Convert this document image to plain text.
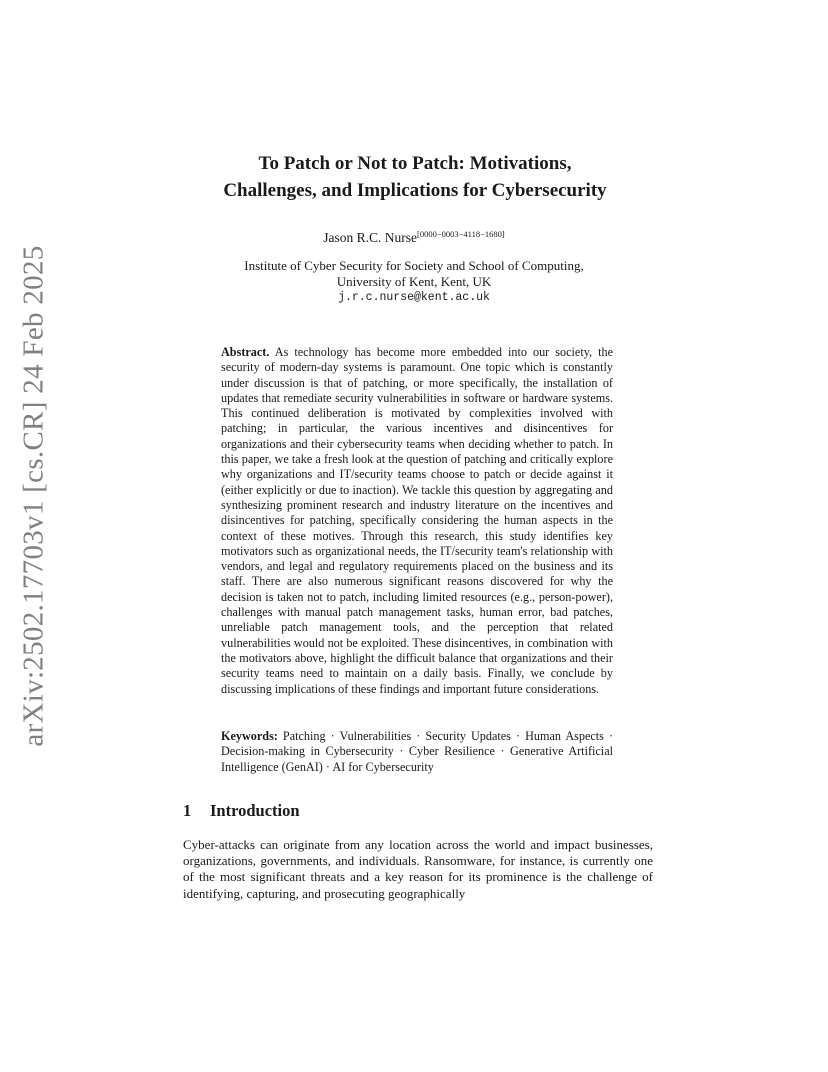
arXiv:2502.17703v1 [cs.CR] 24 Feb 2025
To Patch or Not to Patch: Motivations,
Challenges, and Implications for Cybersecurity
Jason R.C. Nurse[0000−0003−4118−1680]
Institute of Cyber Security for Society and School of Computing,
University of Kent, Kent, UK
j.r.c.nurse@kent.ac.uk
Abstract. As technology has become more embedded into our society, the security of modern-day systems is paramount. One topic which is constantly under discussion is that of patching, or more specifically, the installation of updates that remediate security vulnerabilities in software or hardware systems. This continued deliberation is motivated by complexities involved with patching; in particular, the various incentives and disincentives for organizations and their cybersecurity teams when deciding whether to patch. In this paper, we take a fresh look at the question of patching and critically explore why organizations and IT/security teams choose to patch or decide against it (either explicitly or due to inaction). We tackle this question by aggregating and synthesizing prominent research and industry literature on the incentives and disincentives for patching, specifically considering the human aspects in the context of these motives. Through this research, this study identifies key motivators such as organizational needs, the IT/security team's relationship with vendors, and legal and regulatory requirements placed on the business and its staff. There are also numerous significant reasons discovered for why the decision is taken not to patch, including limited resources (e.g., person-power), challenges with manual patch management tasks, human error, bad patches, unreliable patch management tools, and the perception that related vulnerabilities would not be exploited. These disincentives, in combination with the motivators above, highlight the difficult balance that organizations and their security teams need to maintain on a daily basis. Finally, we conclude by discussing implications of these findings and important future considerations.
Keywords: Patching · Vulnerabilities · Security Updates · Human Aspects · Decision-making in Cybersecurity · Cyber Resilience · Generative Artificial Intelligence (GenAI) · AI for Cybersecurity
1 Introduction
Cyber-attacks can originate from any location across the world and impact businesses, organizations, governments, and individuals. Ransomware, for instance, is currently one of the most significant threats and a key reason for its prominence is the challenge of identifying, capturing, and prosecuting geographically
